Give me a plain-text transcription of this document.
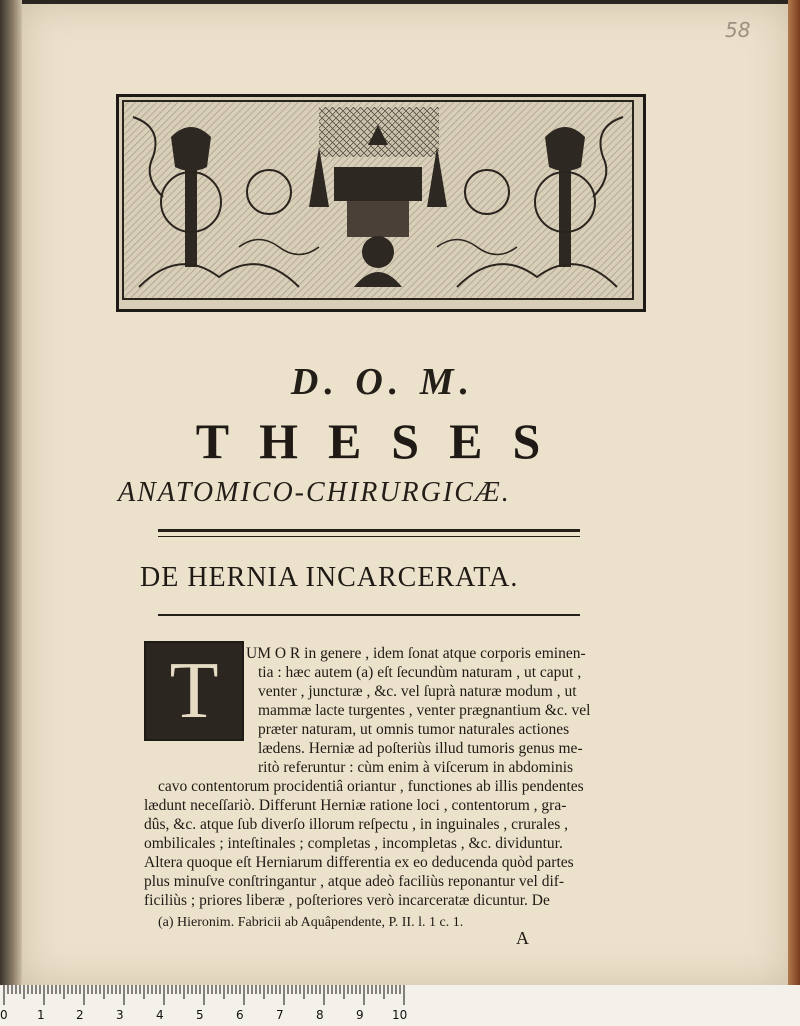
58
D. O. M.
THESES
ANATOMICO-CHIRURGICÆ.
DE HERNIA INCARCERATA.
T	UM O R in genere , idem ſonat atque corporis eminen-
tia : hæc autem (a) eſt ſecundùm naturam , ut caput ,
venter , juncturæ , &c. vel ſuprà naturæ modum , ut
mammæ lacte turgentes , venter prægnantium &c. vel
præter naturam, ut omnis tumor naturales actiones
lædens. Herniæ ad poſteriùs illud tumoris genus me-
ritò referuntur : cùm enim à viſcerum in abdominis
cavo contentorum procidentiâ oriantur , functiones ab illis pendentes
lædunt neceſſariò. Differunt Herniæ ratione loci , contentorum , gra-
dûs, &c. atque ſub diverſo illorum reſpectu , in inguinales , crurales ,
ombilicales ; inteſtinales ; completas , incompletas , &c. dividuntur.
Altera quoque eſt Herniarum differentia ex eo deducenda quòd partes
plus minuſve conſtringantur , atque adeò faciliùs reponantur vel dif-
ficiliùs ; priores liberæ , poſteriores verò incarceratæ dicuntur. De
(a) Hieronim. Fabricii ab Aquâpendente, P. II. l. 1 c. 1.
A
0 1	2	3	4	5	6	7	8	9 10
